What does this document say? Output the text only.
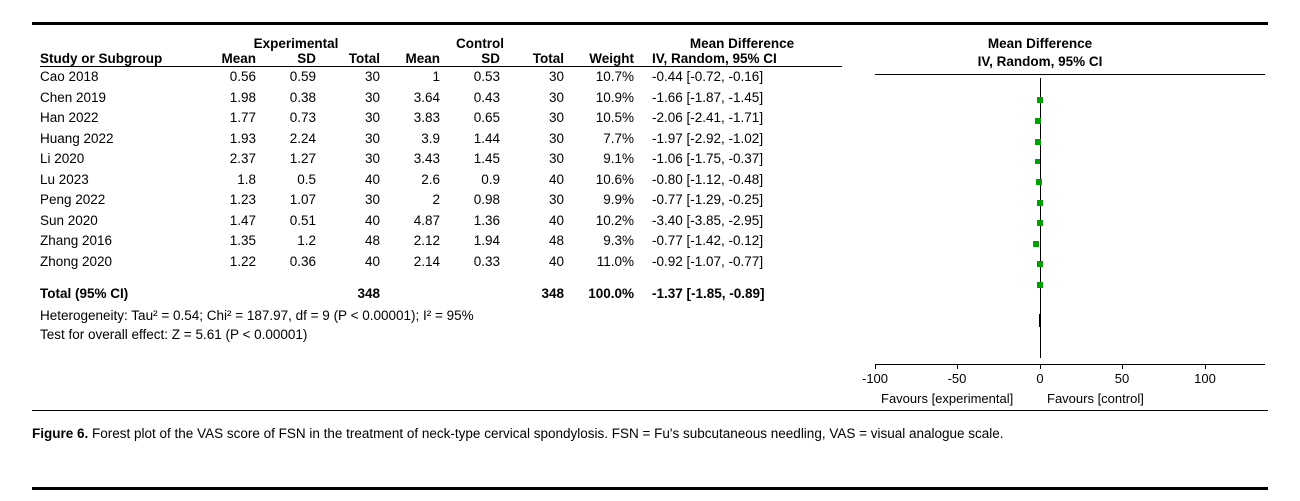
	Experimental			Control				Mean Difference
Study or Subgroup	Mean	SD	Total	Mean	SD	Total	Weight	IV, Random, 95% CI
Cao 2018	0.56	0.59	30	1	0.53	30	10.7%	-0.44 [-0.72, -0.16]
Chen 2019	1.98	0.38	30	3.64	0.43	30	10.9%	-1.66 [-1.87, -1.45]
Han 2022	1.77	0.73	30	3.83	0.65	30	10.5%	-2.06 [-2.41, -1.71]
Huang 2022	1.93	2.24	30	3.9	1.44	30	7.7%	-1.97 [-2.92, -1.02]
Li 2020	2.37	1.27	30	3.43	1.45	30	9.1%	-1.06 [-1.75, -0.37]
Lu 2023	1.8	0.5	40	2.6	0.9	40	10.6%	-0.80 [-1.12, -0.48]
Peng 2022	1.23	1.07	30	2	0.98	30	9.9%	-0.77 [-1.29, -0.25]
Sun 2020	1.47	0.51	40	4.87	1.36	40	10.2%	-3.40 [-3.85, -2.95]
Zhang 2016	1.35	1.2	48	2.12	1.94	48	9.3%	-0.77 [-1.42, -0.12]
Zhong 2020	1.22	0.36	40	2.14	0.33	40	11.0%	-0.92 [-1.07, -0.77]

Total (95% CI)			348			348	100.0%	-1.37 [-1.85, -0.89]
Heterogeneity: Tau² = 0.54; Chi² = 187.97, df = 9 (P < 0.00001); I² = 95%								
Test for overall effect: Z = 5.61 (P < 0.00001)								
Mean Difference
IV, Random, 95% CI
-100	-50	0	50	100
Favours [experimental]	Favours [control]
Figure 6. Forest plot of the VAS score of FSN in the treatment of neck-type cervical spondylosis. FSN = Fu's subcutaneous needling, VAS = visual analogue scale.
